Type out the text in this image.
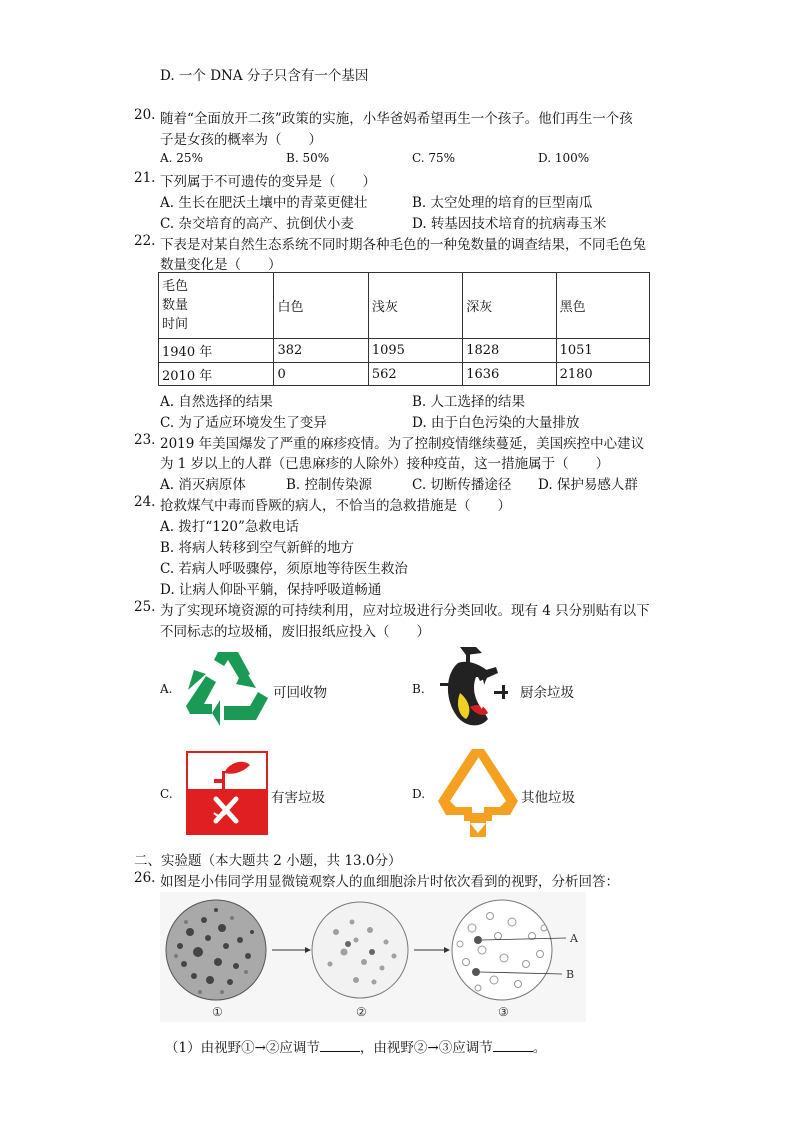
D. 一个 DNA 分子只含有一个基因
20. 随着“全面放开二孩”政策的实施，小华爸妈希望再生一个孩子。他们再生一个孩
子是女孩的概率为（　　）
A. 25%	B. 50%	C. 75%	D. 100%
21. 下列属于不可遗传的变异是（　　）
A. 生长在肥沃土壤中的青菜更健壮	B. 太空处理的培育的巨型南瓜
C. 杂交培育的高产、抗倒伏小麦	D. 转基因技术培育的抗病毒玉米
22. 下表是对某自然生态系统不同时期各种毛色的一种兔数量的调查结果，不同毛色兔
数量变化是（　　）
毛色
数量
时间	白色	浅灰	深灰	黑色
1940 年	382	1095	1828	1051
2010 年	0	562	1636	2180
A. 自然选择的结果	B. 人工选择的结果
C. 为了适应环境发生了变异	D. 由于白色污染的大量排放
23. 2019 年美国爆发了严重的麻疹疫情。为了控制疫情继续蔓延，美国疾控中心建议
为 1 岁以上的人群（已患麻疹的人除外）接种疫苗，这一措施属于（　　）
A. 消灭病原体	B. 控制传染源	C. 切断传播途径 D. 保护易感人群
24. 抢救煤气中毒而昏厥的病人，不恰当的急救措施是（　　）
A. 拨打“120”急救电话
B. 将病人转移到空气新鲜的地方
C. 若病人呼吸骤停，须原地等待医生救治
D. 让病人仰卧平躺，保持呼吸道畅通
25. 为了实现环境资源的可持续利用，应对垃圾进行分类回收。现有 4 只分别贴有以下
不同标志的垃圾桶，废旧报纸应投入（　　）
A.	可回收物	B.	厨余垃圾
C.	有害垃圾	D.	其他垃圾
二、实验题（本大题共 2 小题，共 13.0分）
26. 如图是小伟同学用显微镜观察人的血细胞涂片时依次看到的视野，分析回答：
A
B
①	②	③
（1）由视野①→②应调节	，由视野②→③应调节	。
